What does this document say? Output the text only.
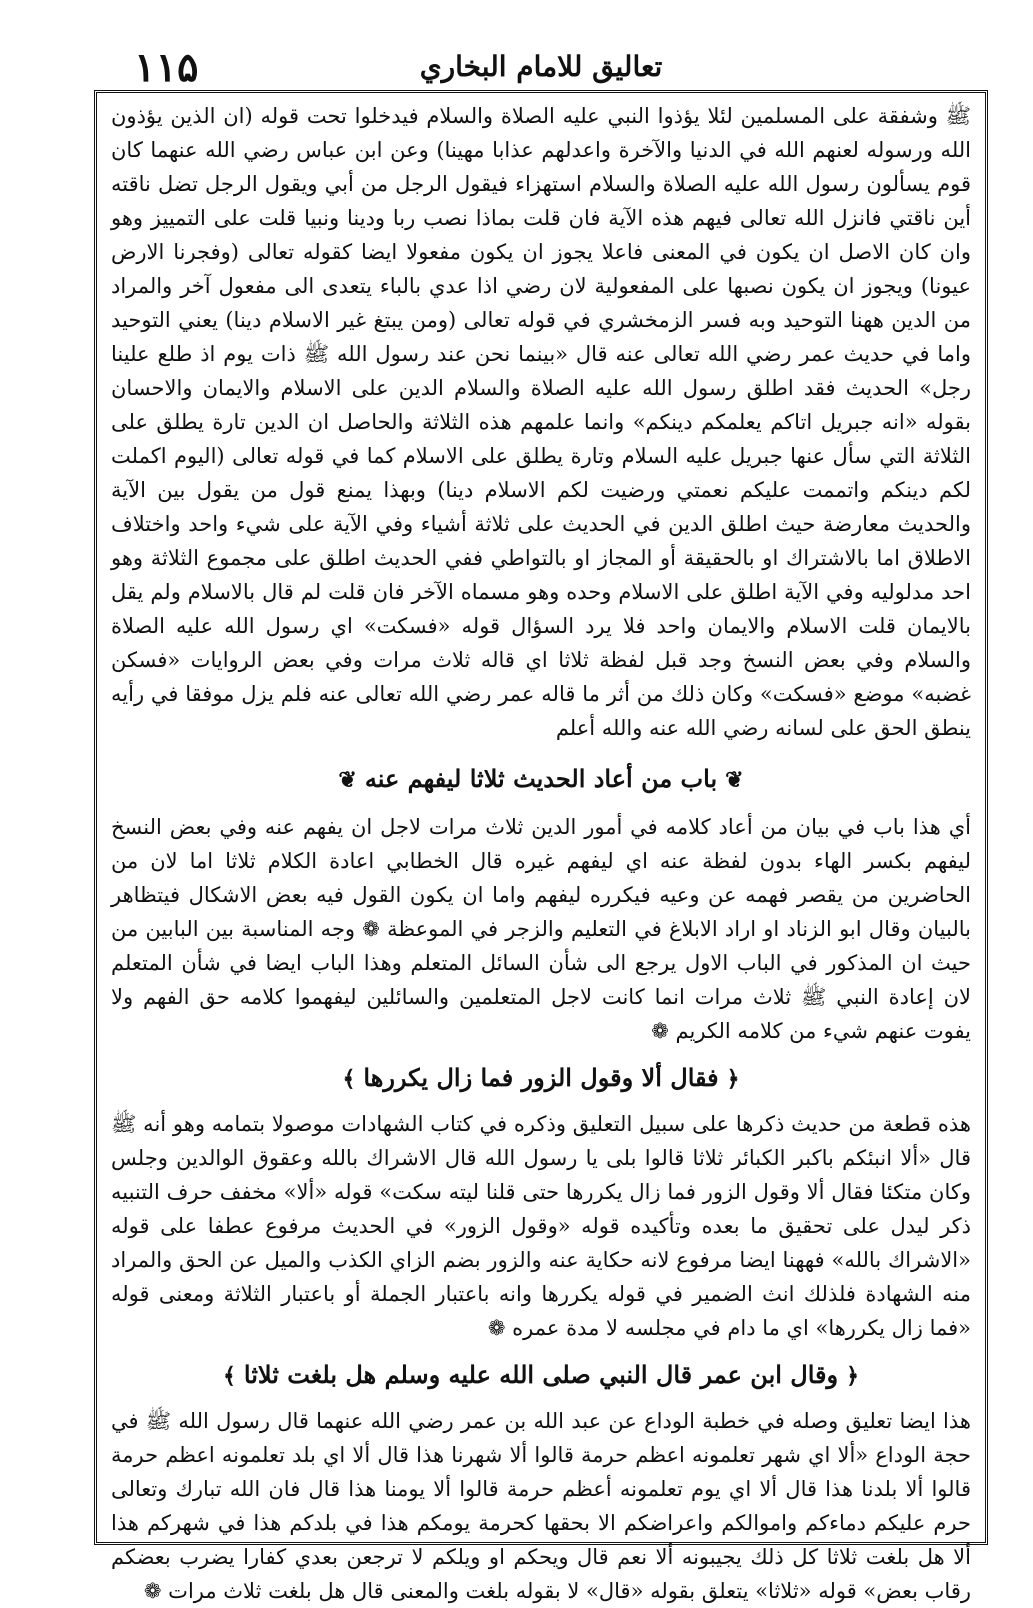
۱۱۵	تعاليق للامام البخاري

ﷺ وشفقة على المسلمين لئلا يؤذوا النبي عليه الصلاة والسلام فيدخلوا تحت قوله (ان الذين يؤذون الله ورسوله لعنهم الله في الدنيا والآخرة واعدلهم عذابا مهينا) وعن ابن عباس رضي الله عنهما كان قوم يسألون رسول الله عليه الصلاة والسلام استهزاء فيقول الرجل من أبي ويقول الرجل تضل ناقته أين ناقتي فانزل الله تعالى فيهم هذه الآية فان قلت بماذا نصب ربا ودينا ونبيا قلت على التمييز وهو وان كان الاصل ان يكون في المعنى فاعلا يجوز ان يكون مفعولا ايضا كقوله تعالى (وفجرنا الارض عيونا) ويجوز ان يكون نصبها على المفعولية لان رضي اذا عدي بالباء يتعدى الى مفعول آخر والمراد من الدين ههنا التوحيد وبه فسر الزمخشري في قوله تعالى (ومن يبتغ غير الاسلام دينا) يعني التوحيد واما في حديث عمر رضي الله تعالى عنه قال «بينما نحن عند رسول الله ﷺ ذات يوم اذ طلع علينا رجل» الحديث فقد اطلق رسول الله عليه الصلاة والسلام الدين على الاسلام والايمان والاحسان بقوله «انه جبريل اتاكم يعلمكم دينكم» وانما علمهم هذه الثلاثة والحاصل ان الدين تارة يطلق على الثلاثة التي سأل عنها جبريل عليه السلام وتارة يطلق على الاسلام كما في قوله تعالى (اليوم اكملت لكم دينكم واتممت عليكم نعمتي ورضيت لكم الاسلام دينا) وبهذا يمنع قول من يقول بين الآية والحديث معارضة حيث اطلق الدين في الحديث على ثلاثة أشياء وفي الآية على شيء واحد واختلاف الاطلاق اما بالاشتراك او بالحقيقة أو المجاز او بالتواطي ففي الحديث اطلق على مجموع الثلاثة وهو احد مدلوليه وفي الآية اطلق على الاسلام وحده وهو مسماه الآخر فان قلت لم قال بالاسلام ولم يقل بالايمان قلت الاسلام والايمان واحد فلا يرد السؤال قوله «فسكت» اي رسول الله عليه الصلاة والسلام وفي بعض النسخ وجد قبل لفظة ثلاثا اي قاله ثلاث مرات وفي بعض الروايات «فسكن غضبه» موضع «فسكت» وكان ذلك من أثر ما قاله عمر رضي الله تعالى عنه فلم يزل موفقا في رأيه ينطق الحق على لسانه رضي الله عنه والله أعلم

❦باب من أعاد الحديث ثلاثا ليفهم عنه❦

أي هذا باب في بيان من أعاد كلامه في أمور الدين ثلاث مرات لاجل ان يفهم عنه وفي بعض النسخ ليفهم بكسر الهاء بدون لفظة عنه اي ليفهم غيره قال الخطابي اعادة الكلام ثلاثا اما لان من الحاضرين من يقصر فهمه عن وعيه فيكرره ليفهم واما ان يكون القول فيه بعض الاشكال فيتظاهر بالبيان وقال ابو الزناد او اراد الابلاغ في التعليم والزجر في الموعظة ❁ وجه المناسبة بين البابين من حيث ان المذكور في الباب الاول يرجع الى شأن السائل المتعلم وهذا الباب ايضا في شأن المتعلم لان إعادة النبي ﷺ ثلاث مرات انما كانت لاجل المتعلمين والسائلين ليفهموا كلامه حق الفهم ولا يفوت عنهم شيء من كلامه الكريم ❁

﴿فقال ألا وقول الزور فما زال يكررها﴾

هذه قطعة من حديث ذكرها على سبيل التعليق وذكره في كتاب الشهادات موصولا بتمامه وهو أنه ﷺ قال «ألا انبئكم باكبر الكبائر ثلاثا قالوا بلى يا رسول الله قال الاشراك بالله وعقوق الوالدين وجلس وكان متكئا فقال ألا وقول الزور فما زال يكررها حتى قلنا ليته سكت» قوله «ألا» مخفف حرف التنبيه ذكر ليدل على تحقيق ما بعده وتأكيده قوله «وقول الزور» في الحديث مرفوع عطفا على قوله «الاشراك بالله» فههنا ايضا مرفوع لانه حكاية عنه والزور بضم الزاي الكذب والميل عن الحق والمراد منه الشهادة فلذلك انث الضمير في قوله يكررها وانه باعتبار الجملة أو باعتبار الثلاثة ومعنى قوله «فما زال يكررها» اي ما دام في مجلسه لا مدة عمره ❁

﴿وقال ابن عمر قال النبي صلى الله عليه وسلم هل بلغت ثلاثا﴾

هذا ايضا تعليق وصله في خطبة الوداع عن عبد الله بن عمر رضي الله عنهما قال رسول الله ﷺ في حجة الوداع «ألا اي شهر تعلمونه اعظم حرمة قالوا ألا شهرنا هذا قال ألا اي بلد تعلمونه اعظم حرمة قالوا ألا بلدنا هذا قال ألا اي يوم تعلمونه أعظم حرمة قالوا ألا يومنا هذا قال فان الله تبارك وتعالى حرم عليكم دماءكم واموالكم واعراضكم الا بحقها كحرمة يومكم هذا في بلدكم هذا في شهركم هذا ألا هل بلغت ثلاثا كل ذلك يجيبونه ألا نعم قال ويحكم او ويلكم لا ترجعن بعدي كفارا يضرب بعضكم رقاب بعض» قوله «ثلاثا» يتعلق بقوله «قال» لا بقوله بلغت والمعنى قال هل بلغت ثلاث مرات ❁
